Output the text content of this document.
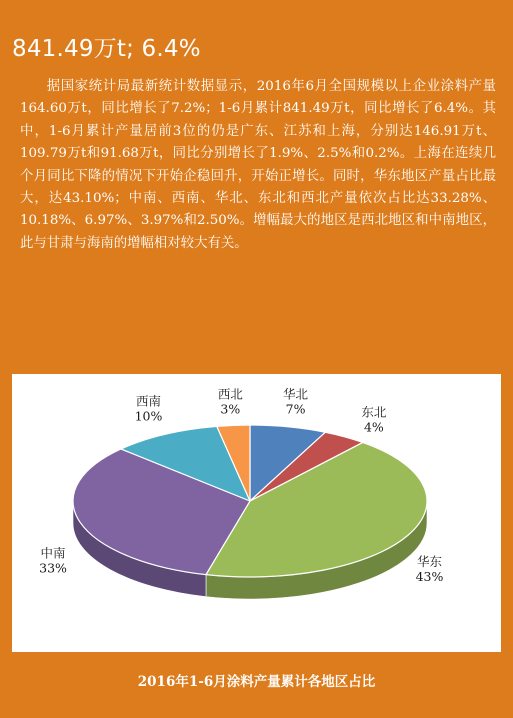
841.49万t; 6.4%

据国家统计局最新统计数据显示，2016年6月全国规模以上企业涂料产量164.60万t，同比增长了7.2%；1-6月累计841.49万t，同比增长了6.4%。其中，1-6月累计产量居前3位的仍是广东、江苏和上海，分别达146.91万t、109.79万t和91.68万t，同比分别增长了1.9%、2.5%和0.2%。上海在连续几个月同比下降的情况下开始企稳回升，开始正增长。同时，华东地区产量占比最大，达43.10%；中南、西南、华北、东北和西北产量依次占比达33.28%、10.18%、6.97%、3.97%和2.50%。增幅最大的地区是西北地区和中南地区，此与甘肃与海南的增幅相对较大有关。

华北
7%	东北
4%
华东
43%
中南
33%
西南
10%
西北
3%
2016年1-6月涂料产量累计各地区占比
